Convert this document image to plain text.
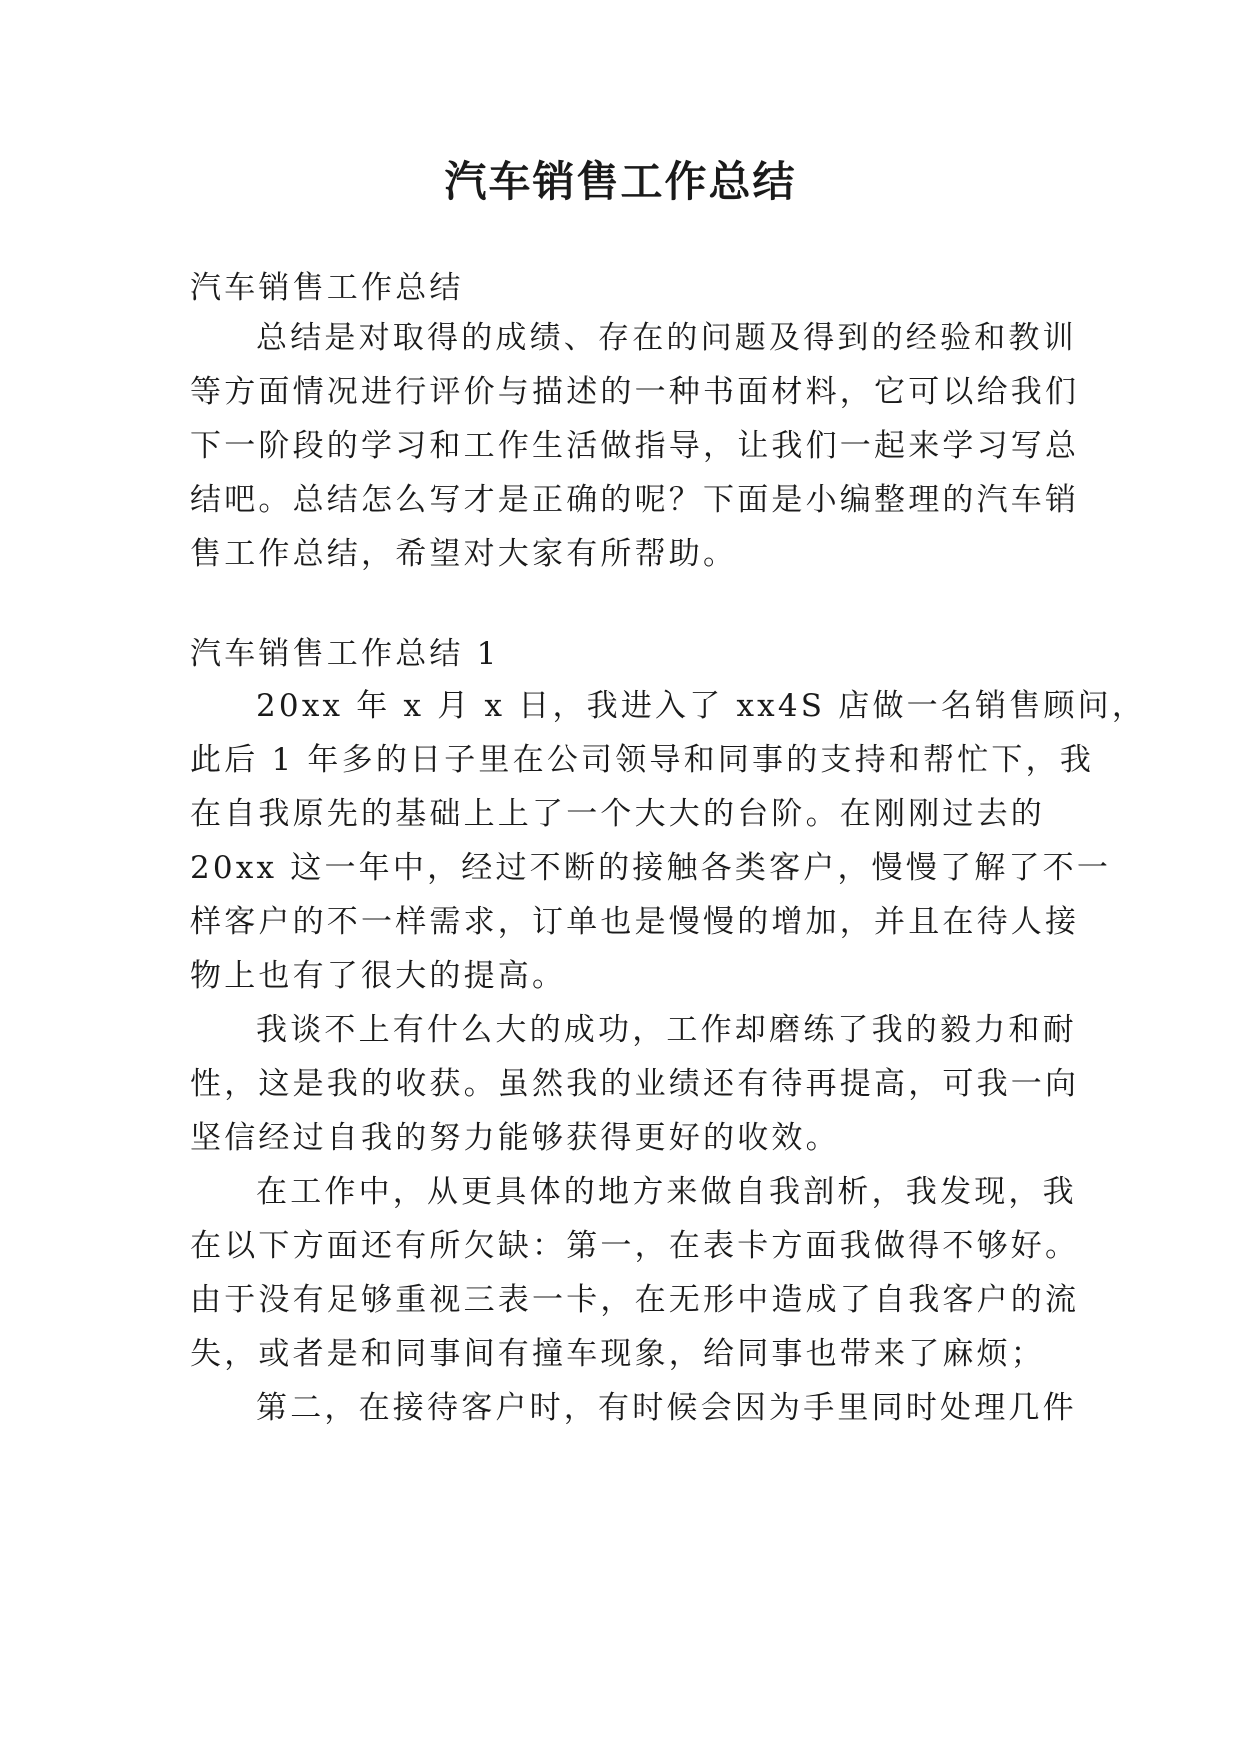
汽车销售工作总结
汽车销售工作总结
总结是对取得的成绩、存在的问题及得到的经验和教训
等方面情况进行评价与描述的一种书面材料，它可以给我们
下一阶段的学习和工作生活做指导，让我们一起来学习写总
结吧。总结怎么写才是正确的呢？下面是小编整理的汽车销
售工作总结，希望对大家有所帮助。
汽车销售工作总结 1
20xx 年 x 月 x 日，我进入了 xx4S 店做一名销售顾问，
此后 1 年多的日子里在公司领导和同事的支持和帮忙下，我
在自我原先的基础上上了一个大大的台阶。在刚刚过去的
20xx 这一年中，经过不断的接触各类客户，慢慢了解了不一
样客户的不一样需求，订单也是慢慢的增加，并且在待人接
物上也有了很大的提高。
我谈不上有什么大的成功，工作却磨练了我的毅力和耐
性，这是我的收获。虽然我的业绩还有待再提高，可我一向
坚信经过自我的努力能够获得更好的收效。
在工作中，从更具体的地方来做自我剖析，我发现，我
在以下方面还有所欠缺：第一，在表卡方面我做得不够好。
由于没有足够重视三表一卡，在无形中造成了自我客户的流
失，或者是和同事间有撞车现象，给同事也带来了麻烦；
第二，在接待客户时，有时候会因为手里同时处理几件
